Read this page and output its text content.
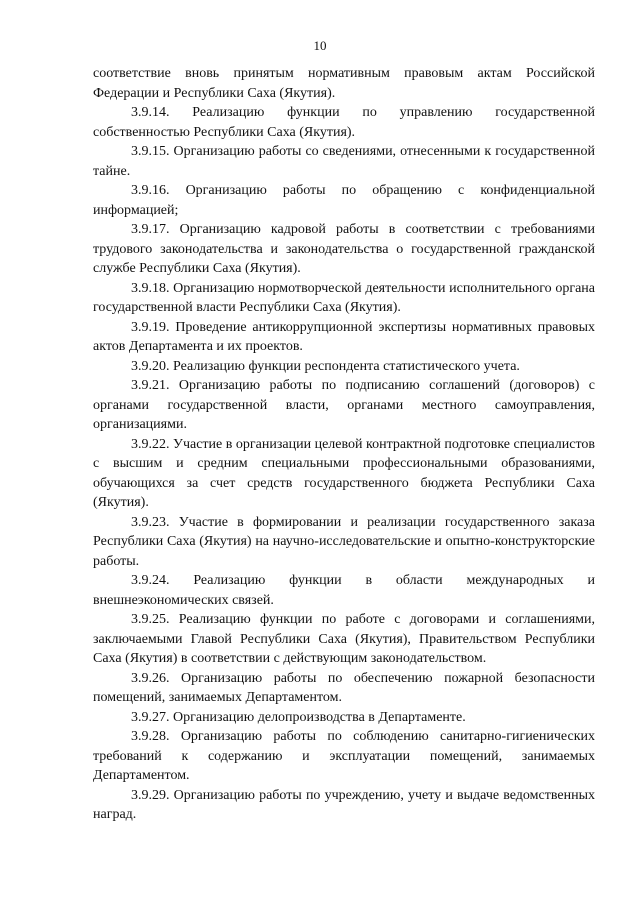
10

соответствие вновь принятым нормативным правовым актам Российской Федерации и Республики Саха (Якутия).

3.9.14. Реализацию функции по управлению государственной собственностью Республики Саха (Якутия).

3.9.15. Организацию работы со сведениями, отнесенными к государственной тайне.

3.9.16. Организацию работы по обращению с конфиденциальной информацией;

3.9.17. Организацию кадровой работы в соответствии с требованиями трудового законодательства и законодательства о государственной гражданской службе Республики Саха (Якутия).

3.9.18. Организацию нормотворческой деятельности исполнительного органа государственной власти Республики Саха (Якутия).

3.9.19. Проведение антикоррупционной экспертизы нормативных правовых актов Департамента и их проектов.

3.9.20. Реализацию функции респондента статистического учета.

3.9.21. Организацию работы по подписанию соглашений (договоров) с органами государственной власти, органами местного самоуправления, организациями.

3.9.22. Участие в организации целевой контрактной подготовке специалистов с высшим и средним специальными профессиональными образованиями, обучающихся за счет средств государственного бюджета Республики Саха (Якутия).

3.9.23. Участие в формировании и реализации государственного заказа Республики Саха (Якутия) на научно-исследовательские и опытно-конструкторские работы.

3.9.24. Реализацию функции в области международных и внешнеэкономических связей.

3.9.25. Реализацию функции по работе с договорами и соглашениями, заключаемыми Главой Республики Саха (Якутия), Правительством Республики Саха (Якутия) в соответствии с действующим законодательством.

3.9.26. Организацию работы по обеспечению пожарной безопасности помещений, занимаемых Департаментом.

3.9.27. Организацию делопроизводства в Департаменте.

3.9.28. Организацию работы по соблюдению санитарно-гигиенических требований к содержанию и эксплуатации помещений, занимаемых Департаментом.

3.9.29. Организацию работы по учреждению, учету и выдаче ведомственных наград.
